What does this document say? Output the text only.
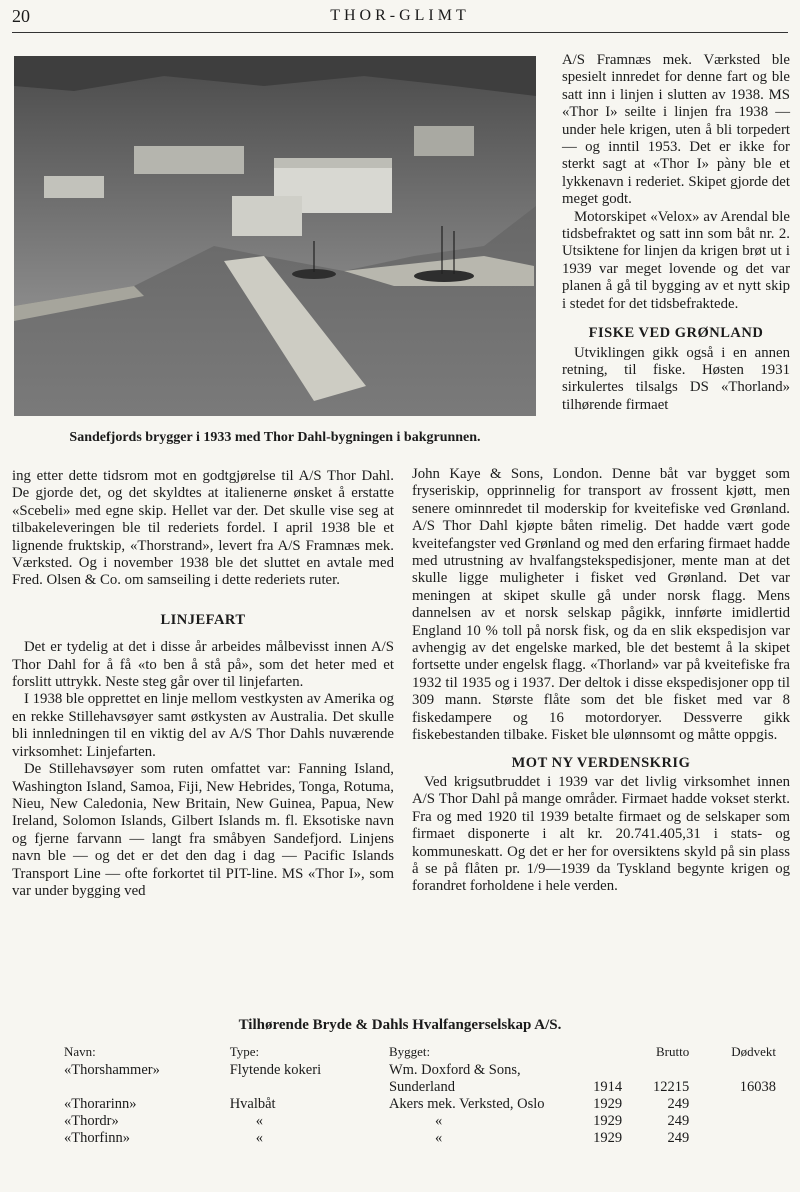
20	THOR-GLIMT
Sandefjords brygger i 1933 med Thor Dahl-bygningen i bakgrunnen.

A/S Framnæs mek. Værksted ble spesielt innredet for denne fart og ble satt inn i linjen i slutten av 1938. MS «Thor I» seilte i linjen fra 1938 — under hele krigen, uten å bli torpedert — og inntil 1953. Det er ikke for sterkt sagt at «Thor I» pàny ble et lykkenavn i rederiet. Skipet gjorde det meget godt.

Motorskipet «Velox» av Arendal ble tidsbefraktet og satt inn som båt nr. 2. Utsiktene for linjen da krigen brøt ut i 1939 var meget lovende og det var planen å gå til bygging av et nytt skip i stedet for det tidsbefraktede.

FISKE VED GRØNLAND

Utviklingen gikk også i en annen retning, til fiske. Høsten 1931 sirkulertes tilsalgs DS «Thorland» tilhørende firmaet

ing etter dette tidsrom mot en godtgjørelse til A/S Thor Dahl. De gjorde det, og det skyldtes at italienerne ønsket å erstatte «Scebeli» med egne skip. Hellet var der. Det skulle vise seg at tilbakeleveringen ble til rederiets fordel. I april 1938 ble et lignende fruktskip, «Thorstrand», levert fra A/S Framnæs mek. Værksted. Og i november 1938 ble det sluttet en avtale med Fred. Olsen & Co. om samseiling i dette rederiets ruter.

LINJEFART

Det er tydelig at det i disse år arbeides målbevisst innen A/S Thor Dahl for å få «to ben å stå på», som det heter med et forslitt uttrykk. Neste steg går over til linjefarten.

I 1938 ble opprettet en linje mellom vestkysten av Amerika og en rekke Stillehavsøyer samt østkysten av Australia. Det skulle bli innledningen til en viktig del av A/S Thor Dahls nuværende virksomhet: Linjefarten.

De Stillehavsøyer som ruten omfattet var: Fanning Island, Washington Island, Samoa, Fiji, New Hebrides, Tonga, Rotuma, Nieu, New Caledonia, New Britain, New Guinea, Papua, New Ireland, Solomon Islands, Gilbert Islands m. fl. Eksotiske navn og fjerne farvann — langt fra småbyen Sandefjord. Linjens navn ble — og det er det den dag i dag — Pacific Islands Transport Line — ofte forkortet til PIT-line. MS «Thor I», som var under bygging ved

John Kaye & Sons, London. Denne båt var bygget som fryseriskip, opprinnelig for transport av frossent kjøtt, men senere ominnredet til moderskip for kveitefiske ved Grønland. A/S Thor Dahl kjøpte båten rimelig. Det hadde vært gode kveitefangster ved Grønland og med den erfaring firmaet hadde med utrustning av hvalfangstekspedisjoner, mente man at det skulle ligge muligheter i fisket ved Grønland. Det var meningen at skipet skulle gå under norsk flagg. Mens dannelsen av et norsk selskap pågikk, innførte imidlertid England 10 % toll på norsk fisk, og da en slik ekspedisjon var avhengig av det engelske marked, ble det bestemt å la skipet fortsette under engelsk flagg. «Thorland» var på kveitefiske fra 1932 til 1935 og i 1937. Der deltok i disse ekspedisjoner opp til 309 mann. Største flåte som det ble fisket med var 8 fiskedampere og 16 motordoryer. Dessverre gikk fiskebestanden tilbake. Fisket ble ulønnsomt og måtte oppgis.

MOT NY VERDENSKRIG

Ved krigsutbruddet i 1939 var det livlig virksomhet innen A/S Thor Dahl på mange områder. Firmaet hadde vokset sterkt. Fra og med 1920 til 1939 betalte firmaet og de selskaper som firmaet disponerte i alt kr. 20.741.405,31 i stats- og kommuneskatt. Og det er her for oversiktens skyld på sin plass å se på flåten pr. 1/9—1939 da Tyskland begynte krigen og forandret forholdene i hele verden.

Tilhørende Bryde & Dahls Hvalfangerselskap A/S.
Navn:	Type:	Bygget:		Brutto	Dødvekt
«Thorshammer»	Flytende kokeri	Wm. Doxford & Sons, Sunderland	1914	12215	16038
«Thorarinn»	Hvalbåt	Akers mek. Verksted, Oslo	1929	249	
«Thordr»	«	«	1929	249	
«Thorfinn»	«	«	1929	249	
